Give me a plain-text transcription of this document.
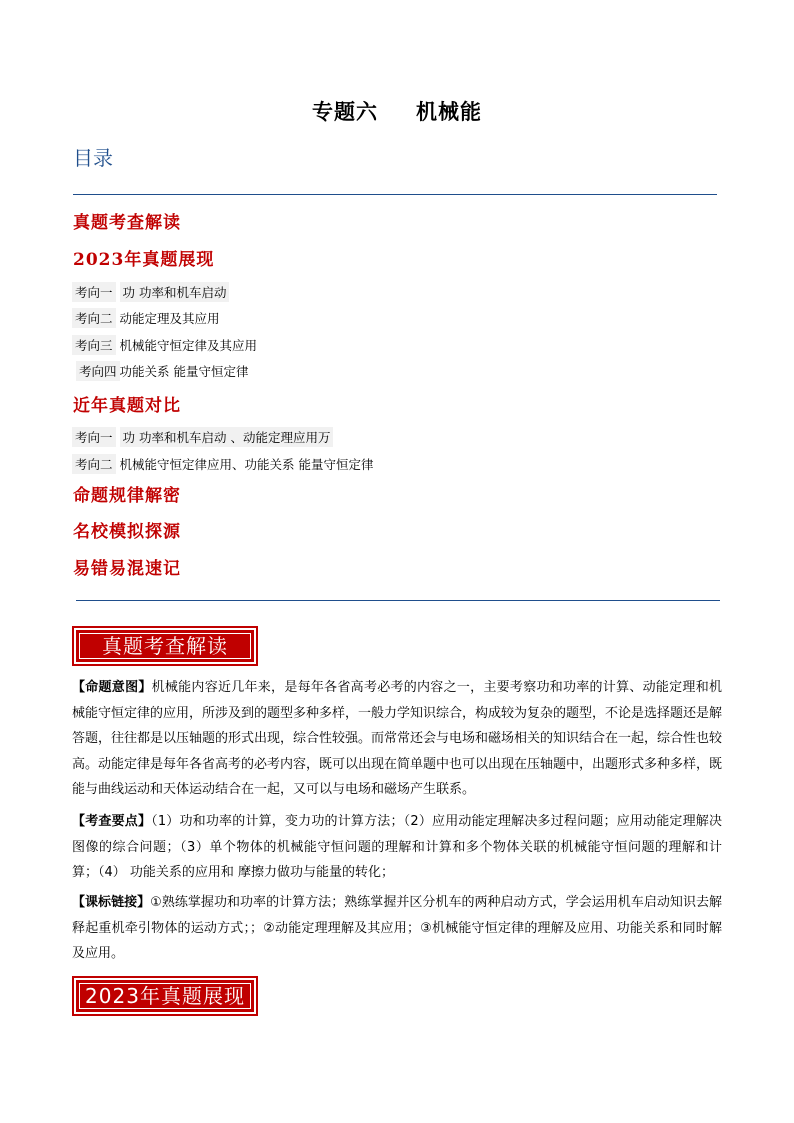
专题六 机械能
目录
真题考查解读
2023年真题展现
考向一 功 功率和机车启动
考向二 动能定理及其应用
考向三 机械能守恒定律及其应用
考向四 功能关系 能量守恒定律
近年真题对比
考向一 功 功率和机车启动 、动能定理应用万
考向二 机械能守恒定律应用、功能关系 能量守恒定律
命题规律解密
名校模拟探源
易错易混速记
真题考查解读
【命题意图】机械能内容近几年来，是每年各省高考必考的内容之一，主要考察功和功率的计算、动能定理和机械能守恒定律的应用，所涉及到的题型多种多样，一般力学知识综合，构成较为复杂的题型，不论是选择题还是解答题，往往都是以压轴题的形式出现，综合性较强。而常常还会与电场和磁场相关的知识结合在一起，综合性也较高。动能定律是每年各省高考的必考内容，既可以出现在简单题中也可以出现在压轴题中，出题形式多种多样，既能与曲线运动和天体运动结合在一起，又可以与电场和磁场产生联系。
【考查要点】（1）功和功率的计算，变力功的计算方法；（2）应用动能定理解决多过程问题；应用动能定理解决图像的综合问题；（3）单个物体的机械能守恒问题的理解和计算和多个物体关联的机械能守恒问题的理解和计算；（4） 功能关系的应用和 摩擦力做功与能量的转化；
【课标链接】①熟练掌握功和功率的计算方法；熟练掌握并区分机车的两种启动方式，学会运用机车启动知识去解释起重机牵引物体的运动方式；；②动能定理理解及其应用；③机械能守恒定律的理解及应用、功能关系和同时解及应用。
2023年真题展现
